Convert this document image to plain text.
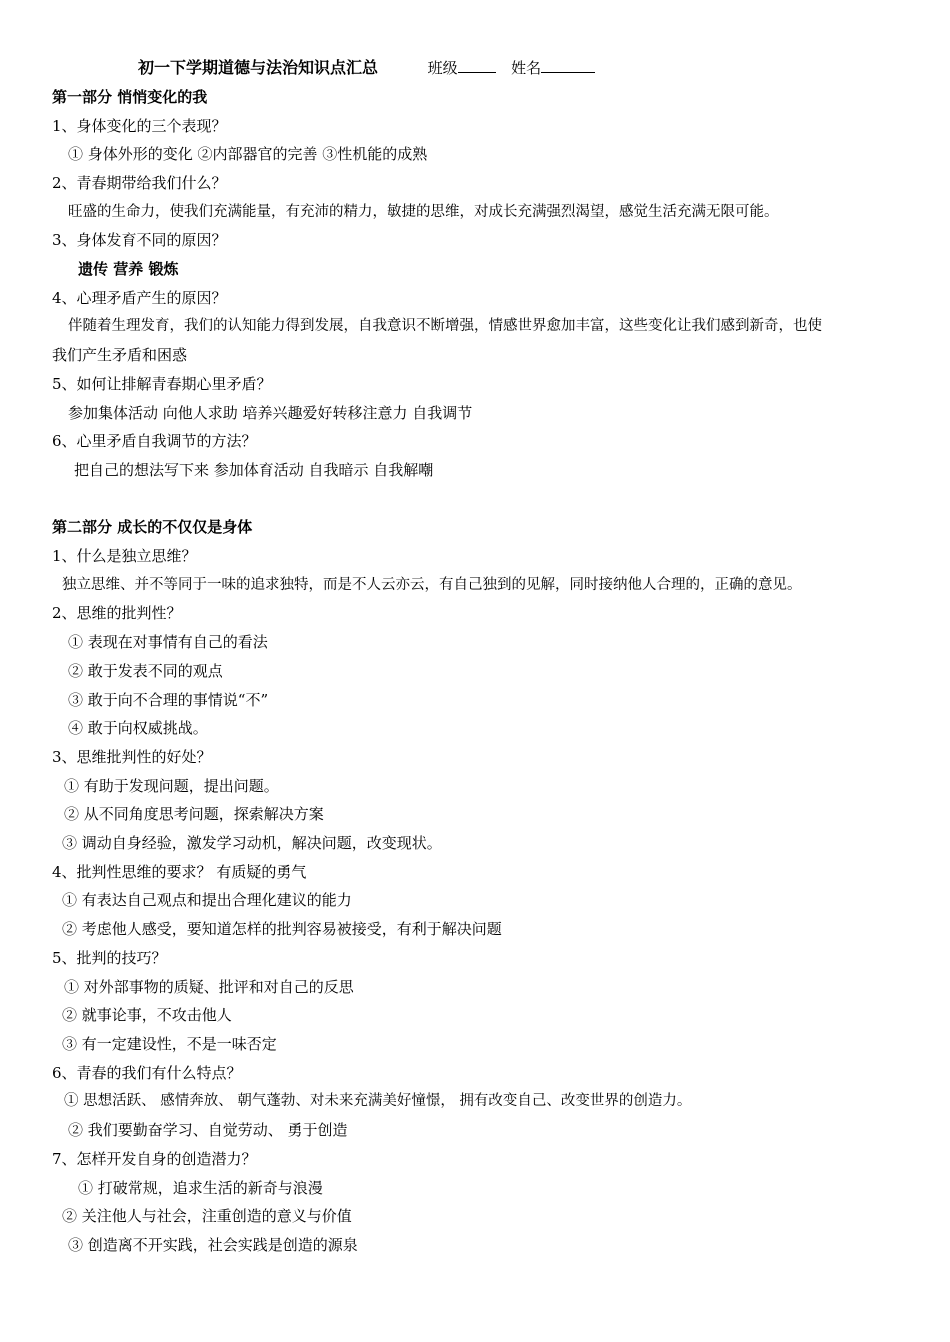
初一下学期道德与法治知识点汇总	班级	姓名
第一部分 悄悄变化的我
1、身体变化的三个表现？
① 身体外形的变化 ②内部器官的完善 ③性机能的成熟
2、青春期带给我们什么？
旺盛的生命力，使我们充满能量，有充沛的精力，敏捷的思维，对成长充满强烈渴望，感觉生活充满无限可能。
3、身体发育不同的原因？
遗传 营养 锻炼
4、心理矛盾产生的原因？
伴随着生理发育，我们的认知能力得到发展，自我意识不断增强，情感世界愈加丰富，这些变化让我们感到新奇，也使
我们产生矛盾和困惑
5、如何让排解青春期心里矛盾？
参加集体活动 向他人求助 培养兴趣爱好转移注意力 自我调节
6、心里矛盾自我调节的方法？
把自己的想法写下来 参加体育活动 自我暗示 自我解嘲
第二部分 成长的不仅仅是身体
1、什么是独立思维？
独立思维、并不等同于一味的追求独特，而是不人云亦云，有自己独到的见解，同时接纳他人合理的，正确的意见。
2、思维的批判性？
① 表现在对事情有自己的看法
② 敢于发表不同的观点
③ 敢于向不合理的事情说“不”
④ 敢于向权威挑战。
3、思维批判性的好处？
① 有助于发现问题，提出问题。
② 从不同角度思考问题，探索解决方案
③ 调动自身经验，激发学习动机，解决问题，改变现状。
4、批判性思维的要求？ 有质疑的勇气
① 有表达自己观点和提出合理化建议的能力
② 考虑他人感受，要知道怎样的批判容易被接受，有利于解决问题
5、批判的技巧？
① 对外部事物的质疑、批评和对自己的反思
② 就事论事，不攻击他人
③ 有一定建设性，不是一味否定
6、青春的我们有什么特点？
① 思想活跃、 感情奔放、 朝气蓬勃、对未来充满美好憧憬， 拥有改变自己、改变世界的创造力。
② 我们要勤奋学习、自觉劳动、 勇于创造
7、怎样开发自身的创造潜力？
① 打破常规，追求生活的新奇与浪漫
② 关注他人与社会，注重创造的意义与价值
③ 创造离不开实践，社会实践是创造的源泉
